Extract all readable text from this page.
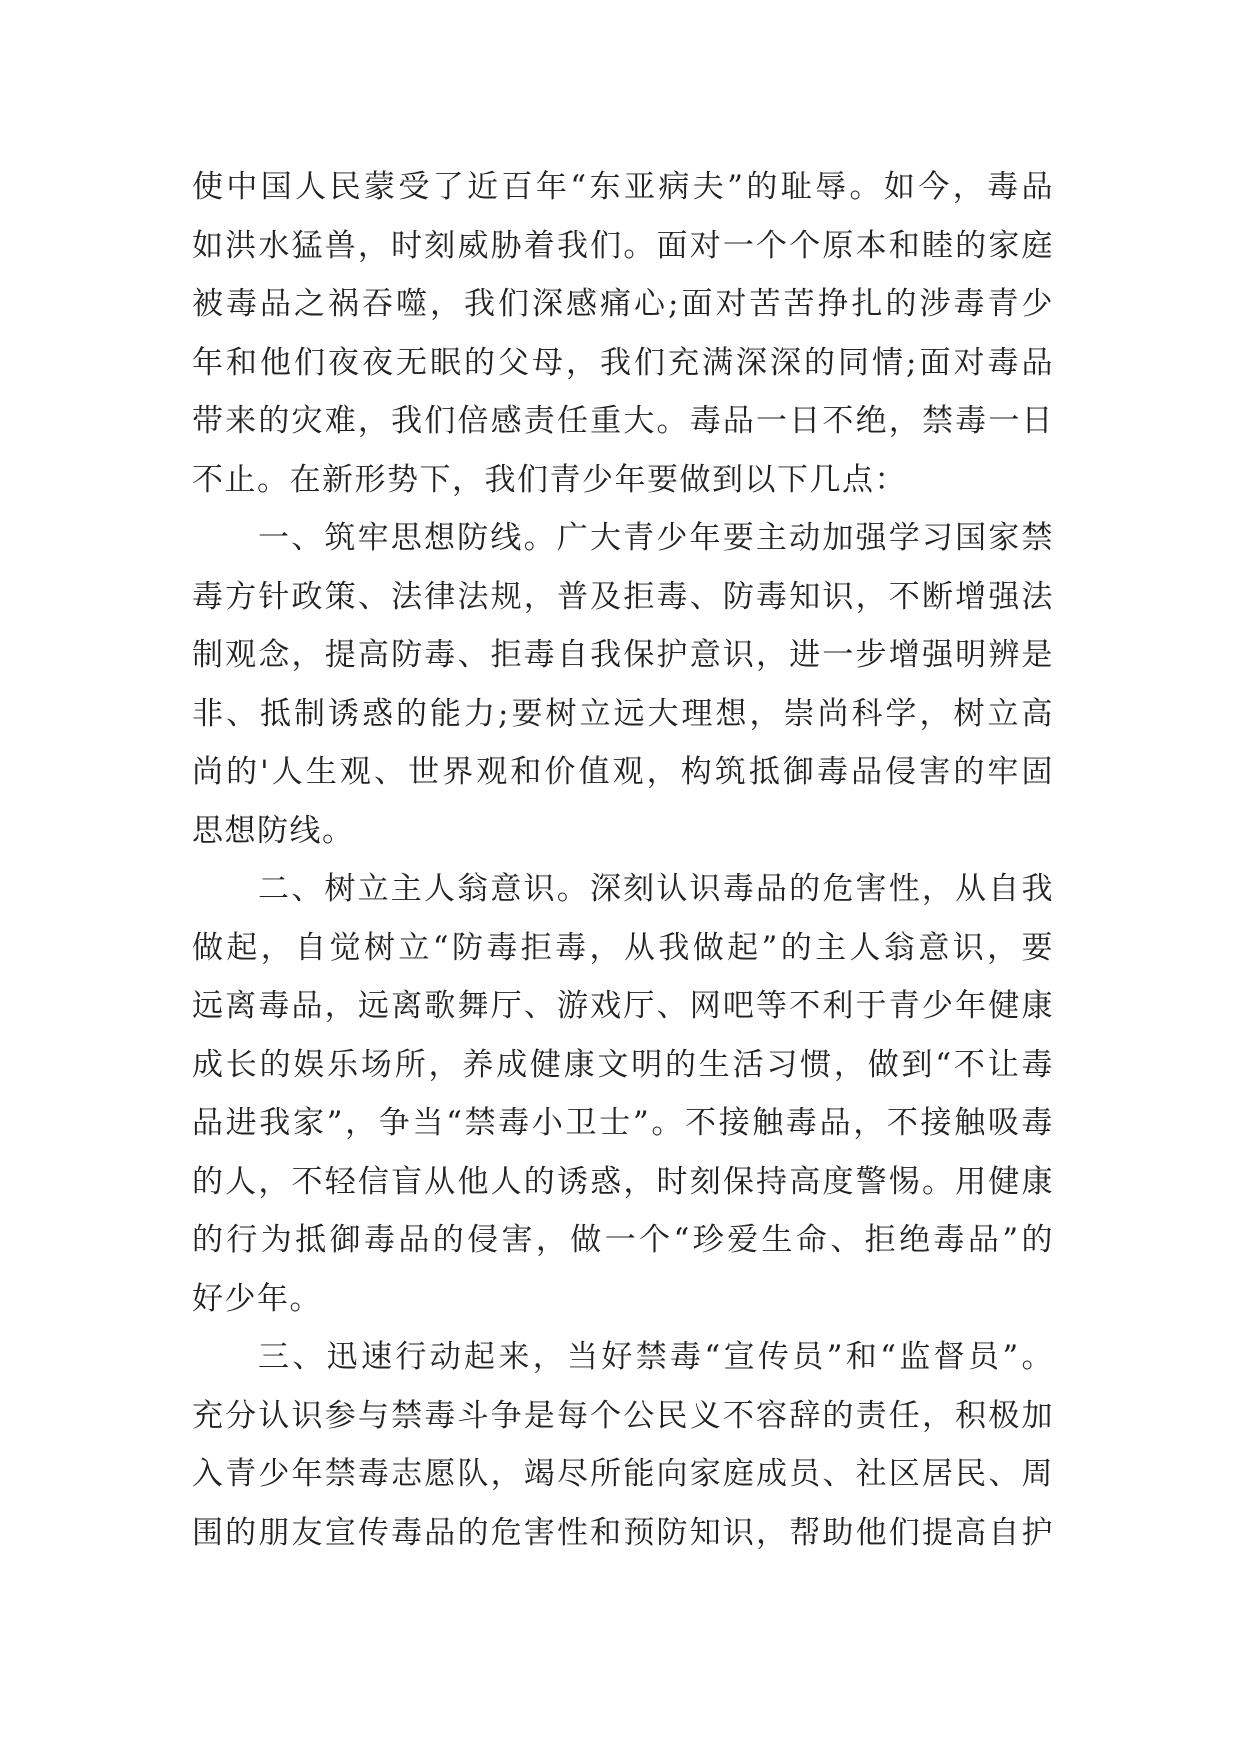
使中国人民蒙受了近百年“东亚病夫”的耻辱。如今，毒品
如洪水猛兽，时刻威胁着我们。面对一个个原本和睦的家庭
被毒品之祸吞噬，我们深感痛心;面对苦苦挣扎的涉毒青少
年和他们夜夜无眠的父母，我们充满深深的同情;面对毒品
带来的灾难，我们倍感责任重大。毒品一日不绝，禁毒一日
不止。在新形势下，我们青少年要做到以下几点：
一、筑牢思想防线。广大青少年要主动加强学习国家禁
毒方针政策、法律法规，普及拒毒、防毒知识，不断增强法
制观念，提高防毒、拒毒自我保护意识，进一步增强明辨是
非、抵制诱惑的能力;要树立远大理想，崇尚科学，树立高
尚的'人生观、世界观和价值观，构筑抵御毒品侵害的牢固
思想防线。
二、树立主人翁意识。深刻认识毒品的危害性，从自我
做起，自觉树立“防毒拒毒，从我做起”的主人翁意识，要
远离毒品，远离歌舞厅、游戏厅、网吧等不利于青少年健康
成长的娱乐场所，养成健康文明的生活习惯，做到“不让毒
品进我家”，争当“禁毒小卫士”。不接触毒品，不接触吸毒
的人，不轻信盲从他人的诱惑，时刻保持高度警惕。用健康
的行为抵御毒品的侵害，做一个“珍爱生命、拒绝毒品”的
好少年。
三、迅速行动起来，当好禁毒“宣传员”和“监督员”。
充分认识参与禁毒斗争是每个公民义不容辞的责任，积极加
入青少年禁毒志愿队，竭尽所能向家庭成员、社区居民、周
围的朋友宣传毒品的危害性和预防知识，帮助他们提高自护
